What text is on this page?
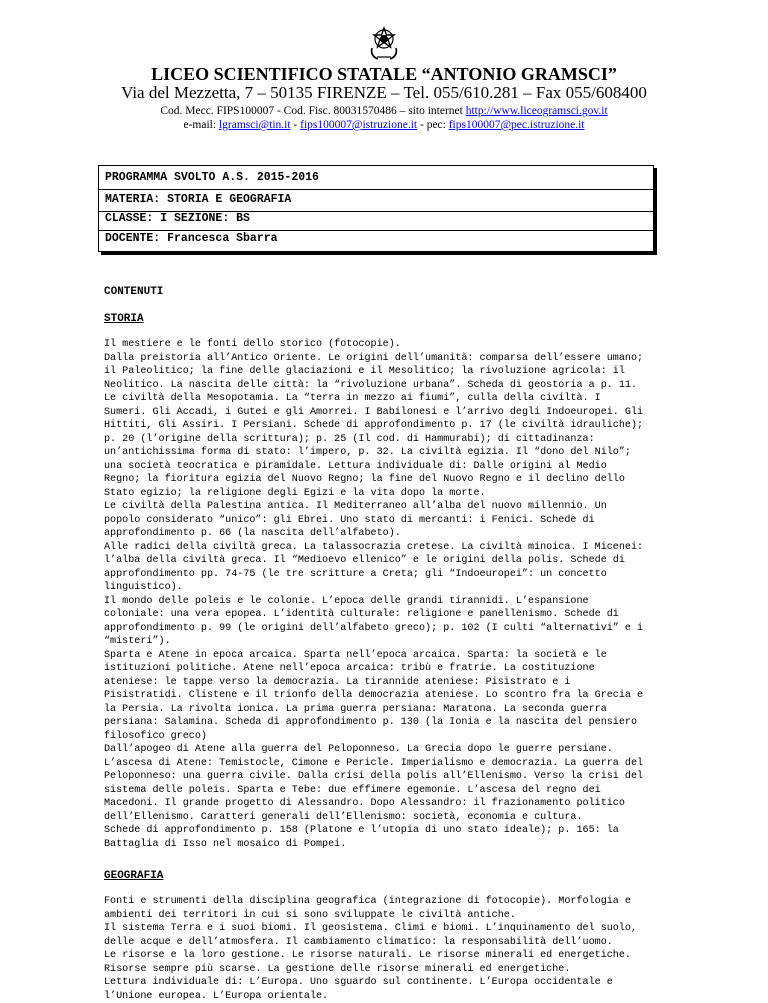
LICEO SCIENTIFICO STATALE “ANTONIO GRAMSCI”
Via del Mezzetta, 7 – 50135 FIRENZE – Tel. 055/610.281 – Fax 055/608400
Cod. Mecc. FIPS100007 - Cod. Fisc. 80031570486 – sito internet http://www.liceogramsci.gov.it
e-mail: lgramsci@tin.it - fips100007@istruzione.it - pec: fips100007@pec.istruzione.it
PROGRAMMA SVOLTO A.S. 2015-2016
MATERIA: STORIA E GEOGRAFIA
CLASSE: I SEZIONE: BS
DOCENTE: Francesca Sbarra
CONTENUTI
STORIA
Il mestiere e le fonti dello storico (fotocopie).
Dalla preistoria all’Antico Oriente. Le origini dell’umanità: comparsa dell’essere umano;
il Paleolitico; la fine delle glaciazioni e il Mesolitico; la rivoluzione agricola: il
Neolitico. La nascita delle città: la “rivoluzione urbana”. Scheda di geostoria a p. 11.
Le civiltà della Mesopotamia. La “terra in mezzo ai fiumi”, culla della civiltà. I
Sumeri. Gli Accadi, i Gutei e gli Amorrei. I Babilonesi e l’arrivo degli Indoeuropei. Gli
Hittiti, Gli Assiri. I Persiani. Schede di approfondimento p. 17 (le civiltà idrauliche);
p. 20 (l’origine della scrittura); p. 25 (Il cod. di Hammurabi); di cittadinanza:
un’antichissima forma di stato: l’impero, p. 32. La civiltà egizia. Il “dono del Nilo”;
una società teocratica e piramidale. Lettura individuale di: Dalle origini al Medio
Regno; la fioritura egizia del Nuovo Regno; la fine del Nuovo Regno e il declino dello
Stato egizio; la religione degli Egizi e la vita dopo la morte.
Le civiltà della Palestina antica. Il Mediterraneo all’alba del nuovo millennio. Un
popolo considerato “unico”: gli Ebrei. Uno stato di mercanti: i Fenici. Schede di
approfondimento p. 66 (la nascita dell’alfabeto).
Alle radici della civiltà greca. La talassocrazia cretese. La civiltà minoica. I Micenei:
l’alba della civiltà greca. Il “Medioevo ellenico” e le origini della polis. Schede di
approfondimento pp. 74-75 (le tre scritture a Creta; gli “Indoeuropei”: un concetto
linguistico).
Il mondo delle poleis e le colonie. L’epoca delle grandi tirannidi. L’espansione
coloniale: una vera epopea. L’identità culturale: religione e panellenismo. Schede di
approfondimento p. 99 (le origini dell’alfabeto greco); p. 102 (I culti “alternativi” e i
“misteri”).
Sparta e Atene in epoca arcaica. Sparta nell’epoca arcaica. Sparta: la società e le
istituzioni politiche. Atene nell’epoca arcaica: tribù e fratrie. La costituzione
ateniese: le tappe verso la democrazia. La tirannide ateniese: Pisistrato e i
Pisistratidi. Clistene e il trionfo della democrazia ateniese. Lo scontro fra la Grecia e
la Persia. La rivolta ionica. La prima guerra persiana: Maratona. La seconda guerra
persiana: Salamina. Scheda di approfondimento p. 130 (la Ionia e la nascita del pensiero
filosofico greco)
Dall’apogeo di Atene alla guerra del Peloponneso. La Grecia dopo le guerre persiane.
L’ascesa di Atene: Temistocle, Cimone e Pericle. Imperialismo e democrazia. La guerra del
Peloponneso: una guerra civile. Dalla crisi della polis all’Ellenismo. Verso la crisi del
sistema delle poleis. Sparta e Tebe: due effimere egemonie. L’ascesa del regno dei
Macedoni. Il grande progetto di Alessandro. Dopo Alessandro: il frazionamento politico
dell’Ellenismo. Caratteri generali dell’Ellenismo: società, economia e cultura.
Schede di approfondimento p. 158 (Platone e l’utopia di uno stato ideale); p. 165: la
Battaglia di Isso nel mosaico di Pompei.
GEOGRAFIA
Fonti e strumenti della disciplina geografica (integrazione di fotocopie). Morfologia e
ambienti dei territori in cui si sono sviluppate le civiltà antiche.
Il sistema Terra e i suoi biomi. Il geosistema. Climi e biomi. L’inquinamento del suolo,
delle acque e dell’atmosfera. Il cambiamento climatico: la responsabilità dell’uomo.
Le risorse e la loro gestione. Le risorse naturali. Le risorse minerali ed energetiche.
Risorse sempre più scarse. La gestione delle risorse minerali ed energetiche.
Lettura individuale di: L’Europa. Uno sguardo sul continente. L’Europa occidentale e
l’Unione europea. L’Europa orientale.
